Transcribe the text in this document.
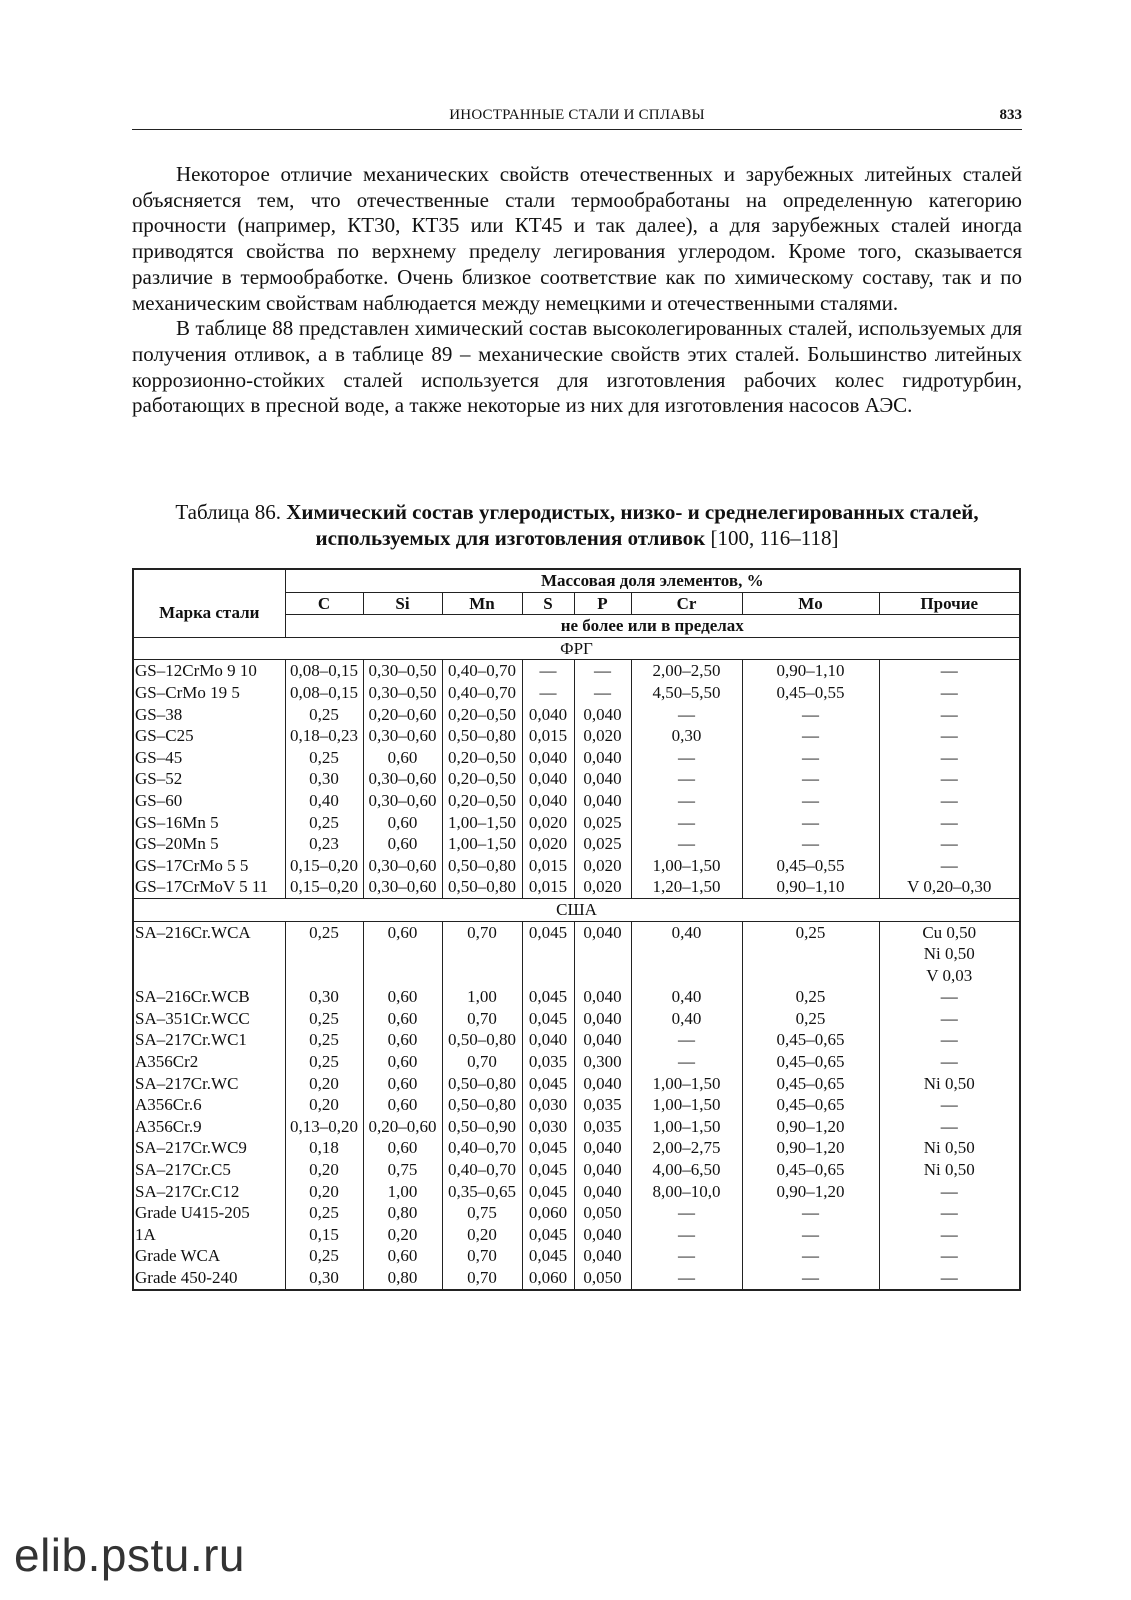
ИНОСТРАННЫЕ СТАЛИ И СПЛАВЫ	833

Некоторое отличие механических свойств отечественных и зарубежных литейных сталей объясняется тем, что отечественные стали термообработаны на определенную категорию прочности (например, КТ30, КТ35 или КТ45 и так далее), а для зарубежных сталей иногда приводятся свойства по верхнему пределу легирования углеродом. Кроме того, сказывается различие в термообработке. Очень близкое соответствие как по химическому составу, так и по механическим свойствам наблюдается между немецкими и отечественными сталями.

В таблице 88 представлен химический состав высоколегированных сталей, используемых для получения отливок, а в таблице 89 – механические свойств этих сталей. Большинство литейных коррозионно-стойких сталей используется для изготовления рабочих колес гидротурбин, работающих в пресной воде, а также некоторые из них для изготовления насосов АЭС.

Таблица 86. Химический состав углеродистых, низко- и среднелегированных сталей, используемых для изготовления отливок [100, 116–118]
Марка стали	Массовая доля элементов, %							
	C	Si	Mn	S	P	Cr	Mo	Прочие
	не более или в пределах							
ФРГ								
GS–12CrMo 9 10	0,08–0,15	0,30–0,50	0,40–0,70	—	—	2,00–2,50	0,90–1,10	—
GS–CrMo 19 5	0,08–0,15	0,30–0,50	0,40–0,70	—	—	4,50–5,50	0,45–0,55	—
GS–38	0,25	0,20–0,60	0,20–0,50	0,040	0,040	—	—	—
GS–C25	0,18–0,23	0,30–0,60	0,50–0,80	0,015	0,020	0,30	—	—
GS–45	0,25	0,60	0,20–0,50	0,040	0,040	—	—	—
GS–52	0,30	0,30–0,60	0,20–0,50	0,040	0,040	—	—	—
GS–60	0,40	0,30–0,60	0,20–0,50	0,040	0,040	—	—	—
GS–16Mn 5	0,25	0,60	1,00–1,50	0,020	0,025	—	—	—
GS–20Mn 5	0,23	0,60	1,00–1,50	0,020	0,025	—	—	—
GS–17CrMo 5 5	0,15–0,20	0,30–0,60	0,50–0,80	0,015	0,020	1,00–1,50	0,45–0,55	—
GS–17CrMoV 5 11	0,15–0,20	0,30–0,60	0,50–0,80	0,015	0,020	1,20–1,50	0,90–1,10	V 0,20–0,30
США								
SA–216Cr.WCA	0,25	0,60	0,70	0,045	0,040	0,40	0,25	Cu 0,50
Ni 0,50
V 0,03

SA–216Cr.WCB	0,30	0,60	1,00	0,045	0,040	0,40	0,25	—
SA–351Cr.WCC	0,25	0,60	0,70	0,045	0,040	0,40	0,25	—
SA–217Cr.WC1	0,25	0,60	0,50–0,80	0,040	0,040	—	0,45–0,65	—
A356Cr2	0,25	0,60	0,70	0,035	0,300	—	0,45–0,65	—
SA–217Cr.WC	0,20	0,60	0,50–0,80	0,045	0,040	1,00–1,50	0,45–0,65	Ni 0,50
A356Cr.6	0,20	0,60	0,50–0,80	0,030	0,035	1,00–1,50	0,45–0,65	—
A356Cr.9	0,13–0,20	0,20–0,60	0,50–0,90	0,030	0,035	1,00–1,50	0,90–1,20	—
SA–217Cr.WC9	0,18	0,60	0,40–0,70	0,045	0,040	2,00–2,75	0,90–1,20	Ni 0,50
SA–217Cr.C5	0,20	0,75	0,40–0,70	0,045	0,040	4,00–6,50	0,45–0,65	Ni 0,50
SA–217Cr.C12	0,20	1,00	0,35–0,65	0,045	0,040	8,00–10,0	0,90–1,20	—
Grade U415-205	0,25	0,80	0,75	0,060	0,050	—	—	—
1A	0,15	0,20	0,20	0,045	0,040	—	—	—
Grade WCA	0,25	0,60	0,70	0,045	0,040	—	—	—
Grade 450-240	0,30	0,80	0,70	0,060	0,050	—	—	—
elib.pstu.ru
